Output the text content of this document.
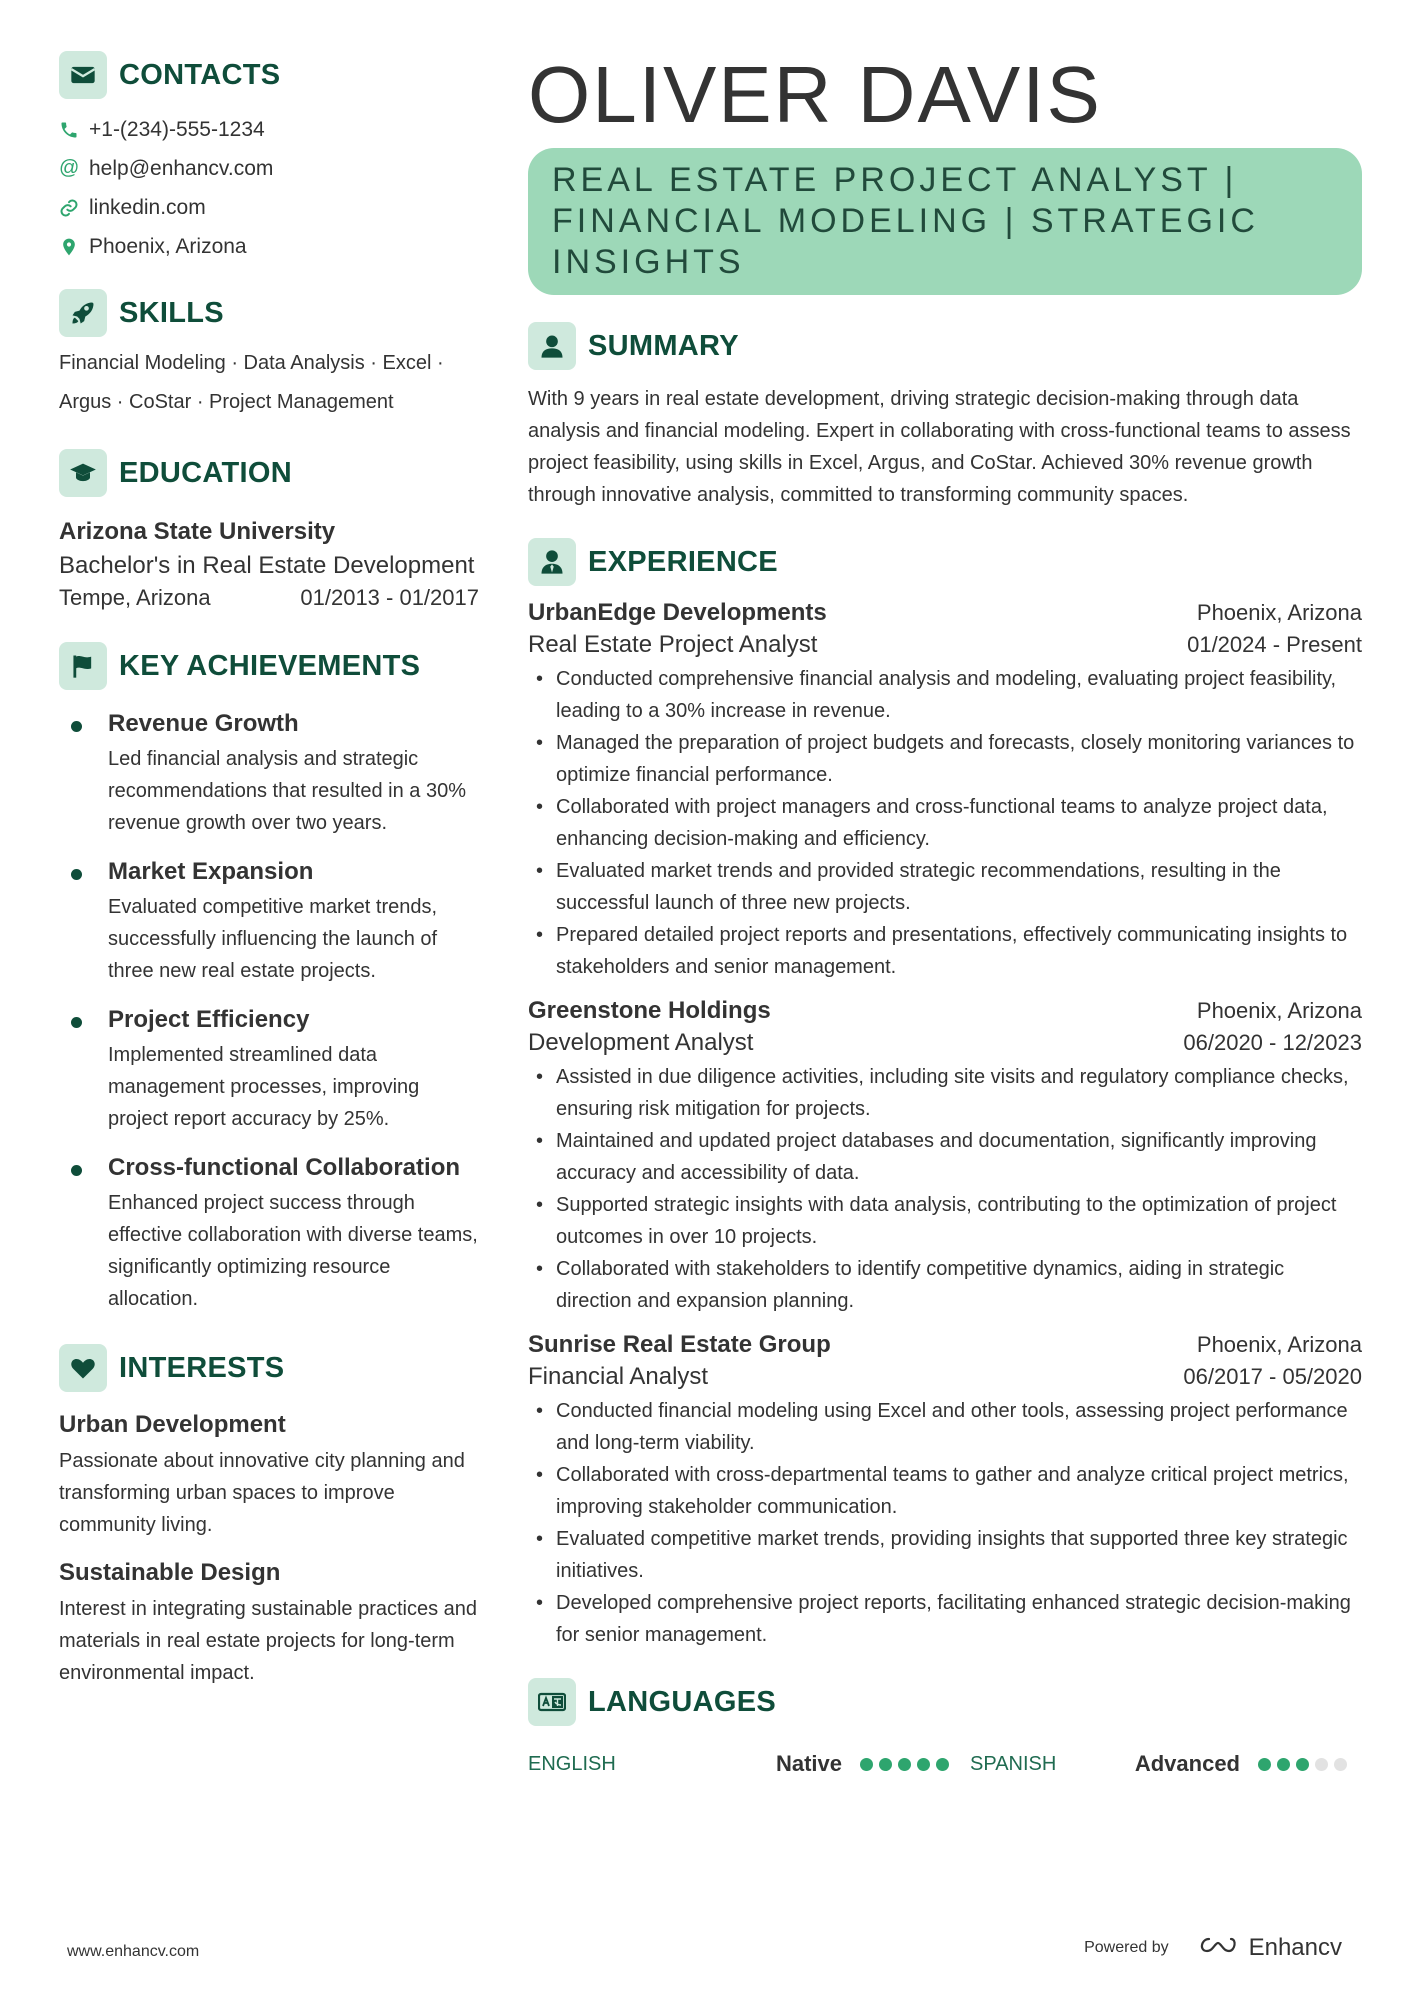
CONTACTS
+1-(234)-555-1234
@ help@enhancv.com
linkedin.com
Phoenix, Arizona
SKILLS
Financial Modeling · Data Analysis · Excel ·
Argus · CoStar · Project Management
EDUCATION
Arizona State University
Bachelor's in Real Estate Development
Tempe, Arizona	01/2013 - 01/2017
KEY ACHIEVEMENTS
Revenue Growth
Led financial analysis and strategic recommendations that resulted in a 30% revenue growth over two years.
Market Expansion
Evaluated competitive market trends, successfully influencing the launch of three new real estate projects.
Project Efficiency
Implemented streamlined data management processes, improving project report accuracy by 25%.
Cross-functional Collaboration
Enhanced project success through effective collaboration with diverse teams, significantly optimizing resource allocation.
INTERESTS
Urban Development
Passionate about innovative city planning and transforming urban spaces to improve community living.
Sustainable Design
Interest in integrating sustainable practices and materials in real estate projects for long-term environmental impact.
OLIVER DAVIS
REAL ESTATE PROJECT ANALYST | FINANCIAL MODELING | STRATEGIC INSIGHTS
SUMMARY
With 9 years in real estate development, driving strategic decision-making through data analysis and financial modeling. Expert in collaborating with cross-functional teams to assess project feasibility, using skills in Excel, Argus, and CoStar. Achieved 30% revenue growth through innovative analysis, committed to transforming community spaces.
EXPERIENCE
UrbanEdge Developments	Phoenix, Arizona
Real Estate Project Analyst	01/2024 - Present
• Conducted comprehensive financial analysis and modeling, evaluating project feasibility, leading to a 30% increase in revenue.
• Managed the preparation of project budgets and forecasts, closely monitoring variances to optimize financial performance.
• Collaborated with project managers and cross-functional teams to analyze project data, enhancing decision-making and efficiency.
• Evaluated market trends and provided strategic recommendations, resulting in the successful launch of three new projects.
• Prepared detailed project reports and presentations, effectively communicating insights to stakeholders and senior management.
Greenstone Holdings	Phoenix, Arizona
Development Analyst	06/2020 - 12/2023
• Assisted in due diligence activities, including site visits and regulatory compliance checks, ensuring risk mitigation for projects.
• Maintained and updated project databases and documentation, significantly improving accuracy and accessibility of data.
• Supported strategic insights with data analysis, contributing to the optimization of project outcomes in over 10 projects.
• Collaborated with stakeholders to identify competitive dynamics, aiding in strategic direction and expansion planning.
Sunrise Real Estate Group	Phoenix, Arizona
Financial Analyst	06/2017 - 05/2020
• Conducted financial modeling using Excel and other tools, assessing project performance and long-term viability.
• Collaborated with cross-departmental teams to gather and analyze critical project metrics, improving stakeholder communication.
• Evaluated competitive market trends, providing insights that supported three key strategic initiatives.
• Developed comprehensive project reports, facilitating enhanced strategic decision-making for senior management.
LANGUAGES
ENGLISH	Native	SPANISH	Advanced
www.enhancv.com	Powered by	Enhancv
